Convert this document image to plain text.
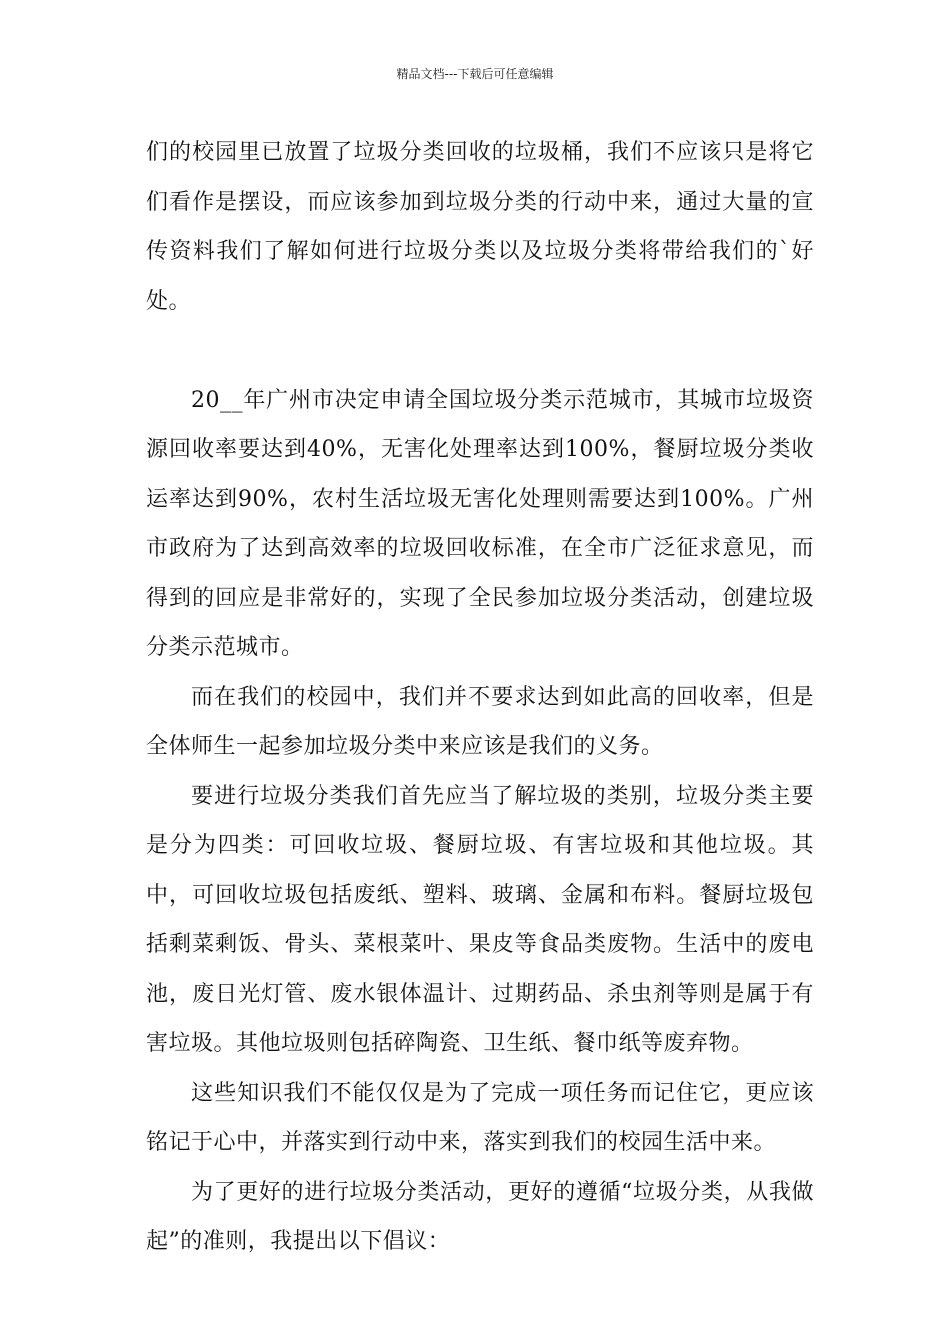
精品文档---下载后可任意编辑

们的校园里已放置了垃圾分类回收的垃圾桶，我们不应该只是将它们看作是摆设，而应该参加到垃圾分类的行动中来，通过大量的宣传资料我们了解如何进行垃圾分类以及垃圾分类将带给我们的`好处。

20__年广州市决定申请全国垃圾分类示范城市，其城市垃圾资源回收率要达到40%，无害化处理率达到100%，餐厨垃圾分类收运率达到90%，农村生活垃圾无害化处理则需要达到100%。广州市政府为了达到高效率的垃圾回收标准，在全市广泛征求意见，而得到的回应是非常好的，实现了全民参加垃圾分类活动，创建垃圾分类示范城市。

而在我们的校园中，我们并不要求达到如此高的回收率，但是全体师生一起参加垃圾分类中来应该是我们的义务。

要进行垃圾分类我们首先应当了解垃圾的类别，垃圾分类主要是分为四类：可回收垃圾、餐厨垃圾、有害垃圾和其他垃圾。其中，可回收垃圾包括废纸、塑料、玻璃、金属和布料。餐厨垃圾包括剩菜剩饭、骨头、菜根菜叶、果皮等食品类废物。生活中的废电池，废日光灯管、废水银体温计、过期药品、杀虫剂等则是属于有害垃圾。其他垃圾则包括碎陶瓷、卫生纸、餐巾纸等废弃物。

这些知识我们不能仅仅是为了完成一项任务而记住它，更应该铭记于心中，并落实到行动中来，落实到我们的校园生活中来。

为了更好的进行垃圾分类活动，更好的遵循“垃圾分类，从我做起”的准则，我提出以下倡议：
